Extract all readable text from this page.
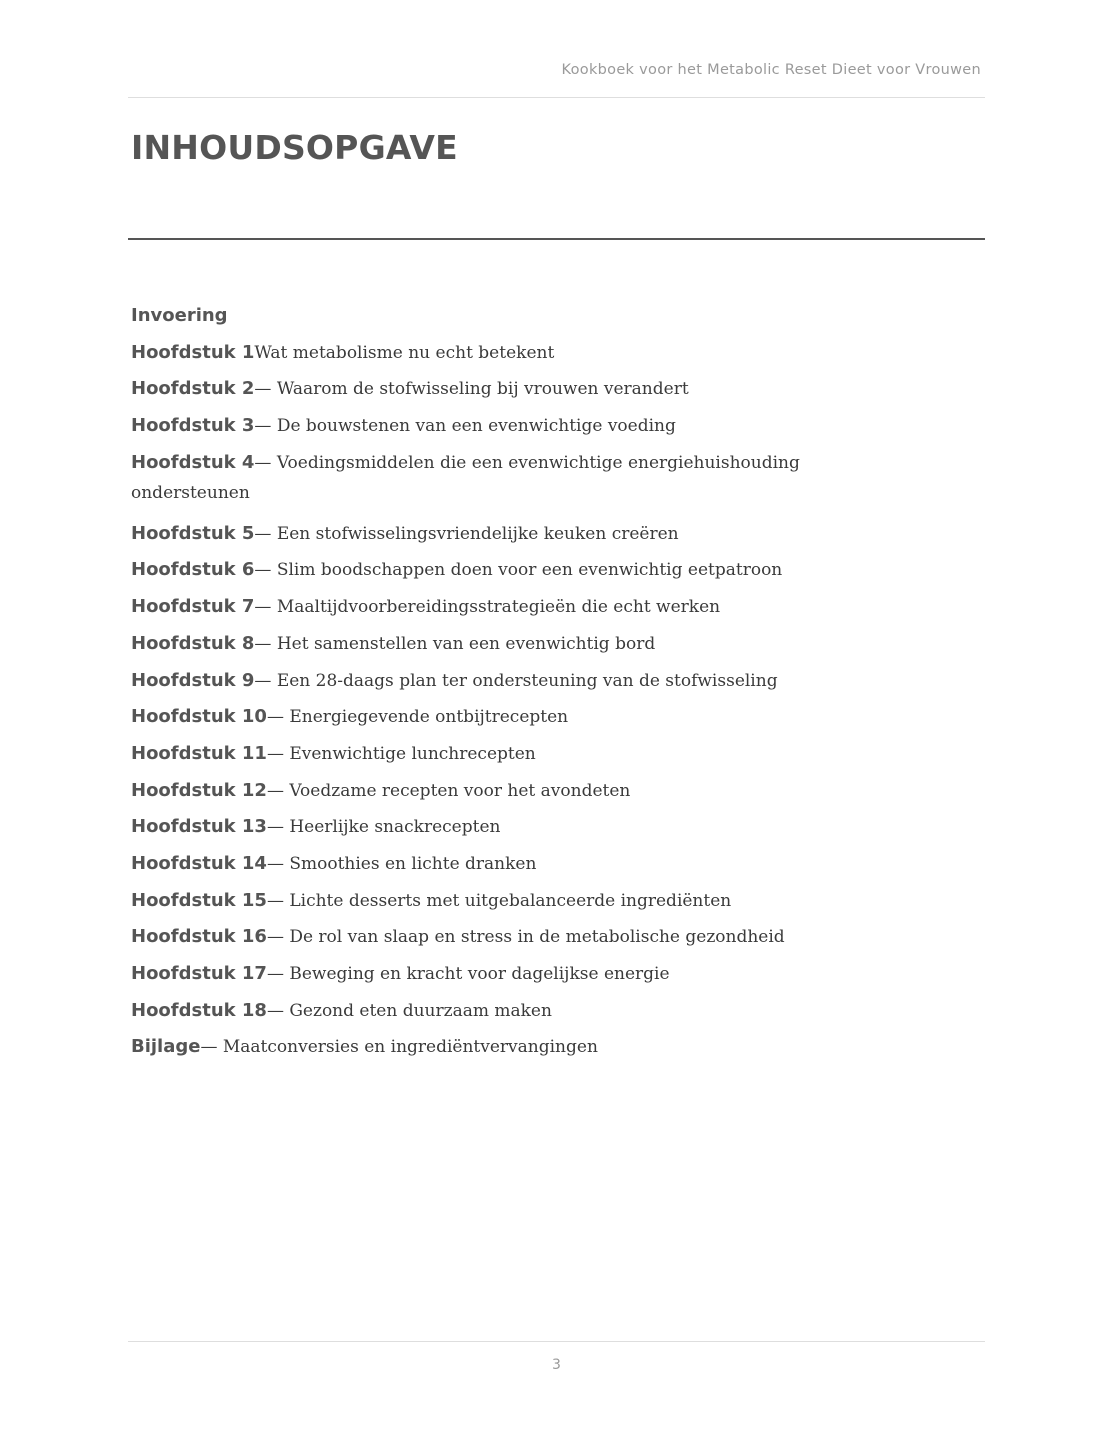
Kookboek voor het Metabolic Reset Dieet voor Vrouwen
INHOUDSOPGAVE
Invoering
Hoofdstuk 1Wat metabolisme nu echt betekent
Hoofdstuk 2— Waarom de stofwisseling bij vrouwen verandert
Hoofdstuk 3— De bouwstenen van een evenwichtige voeding
Hoofdstuk 4— Voedingsmiddelen die een evenwichtige energiehuishouding ondersteunen
Hoofdstuk 5— Een stofwisselingsvriendelijke keuken creëren
Hoofdstuk 6— Slim boodschappen doen voor een evenwichtig eetpatroon
Hoofdstuk 7— Maaltijdvoorbereidingsstrategieën die echt werken
Hoofdstuk 8— Het samenstellen van een evenwichtig bord
Hoofdstuk 9— Een 28-daags plan ter ondersteuning van de stofwisseling
Hoofdstuk 10— Energiegevende ontbijtrecepten
Hoofdstuk 11— Evenwichtige lunchrecepten
Hoofdstuk 12— Voedzame recepten voor het avondeten
Hoofdstuk 13— Heerlijke snackrecepten
Hoofdstuk 14— Smoothies en lichte dranken
Hoofdstuk 15— Lichte desserts met uitgebalanceerde ingrediënten
Hoofdstuk 16— De rol van slaap en stress in de metabolische gezondheid
Hoofdstuk 17— Beweging en kracht voor dagelijkse energie
Hoofdstuk 18— Gezond eten duurzaam maken
Bijlage— Maatconversies en ingrediëntvervangingen
3
